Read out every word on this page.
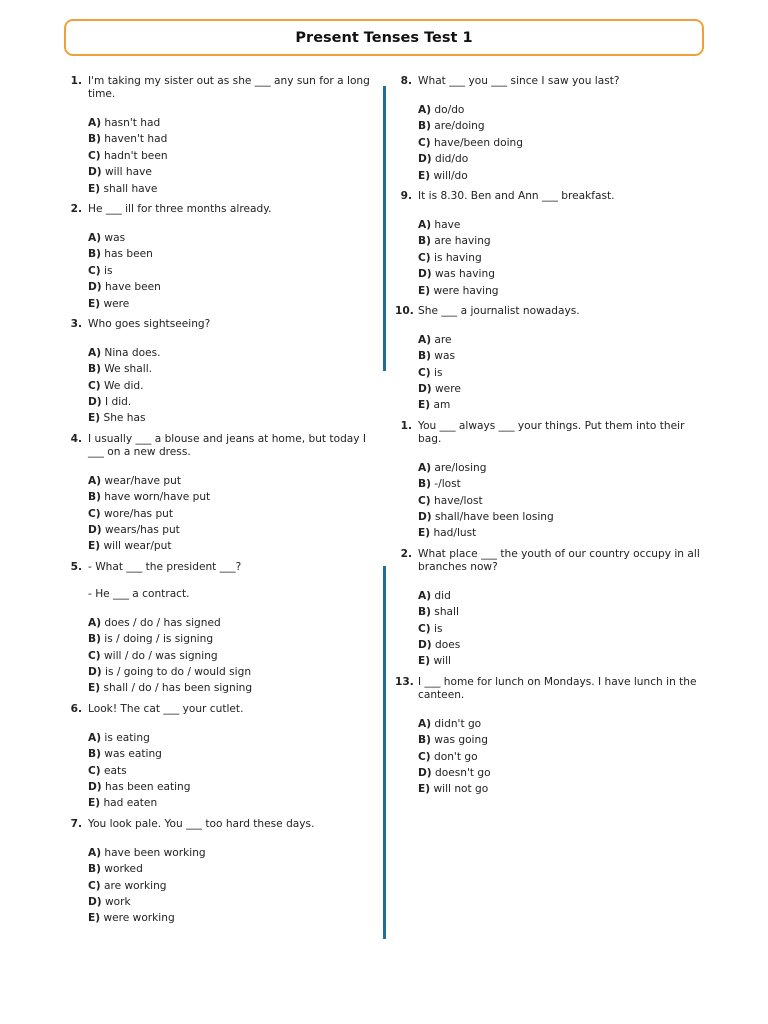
Present Tenses Test 1
1. I'm taking my sister out as she ___ any sun for a long time.
A) hasn't had
B) haven't had
C) hadn't been
D) will have
E) shall have
2. He ___ ill for three months already.
A) was
B) has been
C) is
D) have been
E) were
3. Who goes sightseeing?
A) Nina does.
B) We shall.
C) We did.
D) I did.
E) She has
4. I usually ___ a blouse and jeans at home, but today I ___ on a new dress.
A) wear/have put
B) have worn/have put
C) wore/has put
D) wears/has put
E) will wear/put
5. - What ___ the president ___?
- He ___ a contract.
A) does / do / has signed
B) is / doing / is signing
C) will / do / was signing
D) is / going to do / would sign
E) shall / do / has been signing
6. Look! The cat ___ your cutlet.
A) is eating
B) was eating
C) eats
D) has been eating
E) had eaten
7. You look pale. You ___ too hard these days.
A) have been working
B) worked
C) are working
D) work
E) were working
8. What ___ you ___ since I saw you last?
A) do/do
B) are/doing
C) have/been doing
D) did/do
E) will/do
9. It is 8.30. Ben and Ann ___ breakfast.
A) have
B) are having
C) is having
D) was having
E) were having
10. She ___ a journalist nowadays.
A) are
B) was
C) is
D) were
E) am
1. You ___ always ___ your things. Put them into their bag.
A) are/losing
B) -/lost
C) have/lost
D) shall/have been losing
E) had/lust
2. What place ___ the youth of our country occupy in all branches now?
A) did
B) shall
C) is
D) does
E) will
13. I ___ home for lunch on Mondays. I have lunch in the canteen.
A) didn't go
B) was going
C) don't go
D) doesn't go
E) will not go
